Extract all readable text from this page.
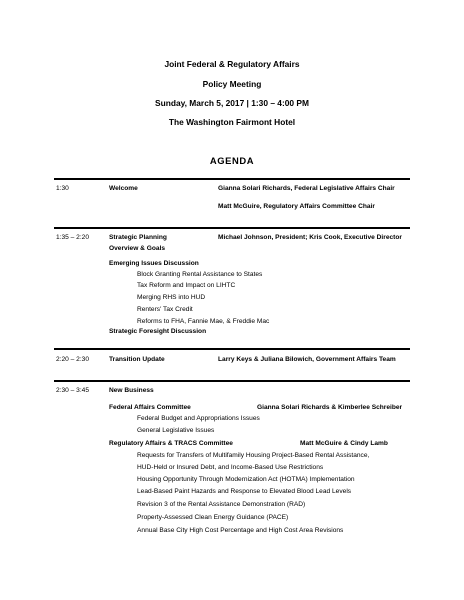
Joint Federal & Regulatory Affairs
Policy Meeting
Sunday, March 5, 2017 | 1:30 – 4:00 PM
The Washington Fairmont Hotel
AGENDA
1:30	Welcome	Gianna Solari Richards, Federal Legislative Affairs Chair
Matt McGuire, Regulatory Affairs Committee Chair
1:35 – 2:20	Strategic Planning	Michael Johnson, President; Kris Cook, Executive Director
Overview & Goals
Emerging Issues Discussion
Block Granting Rental Assistance to States
Tax Reform and Impact on LIHTC
Merging RHS into HUD
Renters' Tax Credit
Reforms to FHA, Fannie Mae, & Freddie Mac
Strategic Foresight Discussion
2:20 – 2:30	Transition Update	Larry Keys & Juliana Bilowich, Government Affairs Team
2:30 – 3:45	New Business
Federal Affairs Committee	Gianna Solari Richards & Kimberlee Schreiber
Federal Budget and Appropriations Issues
General Legislative Issues
Regulatory Affairs & TRACS Committee	Matt McGuire & Cindy Lamb
Requests for Transfers of Multifamily Housing Project-Based Rental Assistance,
HUD-Held or Insured Debt, and Income-Based Use Restrictions
Housing Opportunity Through Modernization Act (HOTMA) Implementation
Lead-Based Paint Hazards and Response to Elevated Blood Lead Levels
Revision 3 of the Rental Assistance Demonstration (RAD)
Property-Assessed Clean Energy Guidance (PACE)
Annual Base City High Cost Percentage and High Cost Area Revisions
